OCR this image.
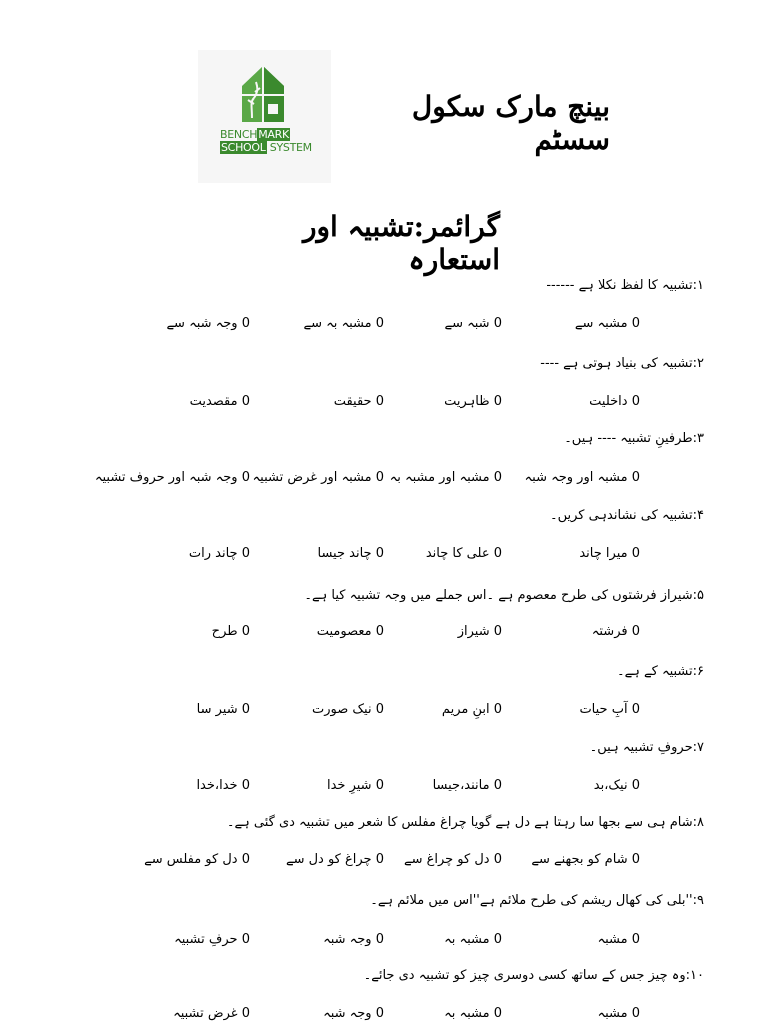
BENCHMARK
SCHOOL SYSTEM
بینچ مارک سکول سسٹم
گرائمر:تشبیہ اور استعارہ
۱:تشبیہ کا لفظ نکلا ہے ------
0 مشبہ سے
0 شبہ سے
0 مشبہ بہ سے
0 وجہ شبہ سے
۲:تشبیہ کی بنیاد ہوتی ہے ----
0 داخلیت
0 ظاہریت
0 حقیقت
0 مقصدیت
۳:طرفینِ تشبیہ ---- ہیں۔
0 مشبہ اور وجہ شبہ
0 مشبہ اور مشبہ بہ
0 مشبہ اور غرض تشبیہ
0 وجہ شبہ اور حروف تشبیہ
۴:تشبیہ کی نشاندہی کریں۔
0 میرا چاند
0 علی کا چاند
0 چاند جیسا
0 چاند رات
۵:شیراز فرشتوں کی طرح معصوم ہے ۔اس جملے میں وجہ تشبیہ کیا ہے۔
0 فرشتہ
0 شیراز
0 معصومیت
0 طرح
۶:تشبیہ کے ہے۔
0 آبِ حیات
0 ابنِ مریم
0 نیک صورت
0 شیر سا
۷:حروفِ تشبیہ ہیں۔
0 نیک،بد
0 مانند،جیسا
0 شیرِ خدا
0 خدا،خدا
۸:شام ہی سے بجھا سا رہتا ہے دل ہے گویا چراغ مفلس کا شعر میں تشبیہ دی گئی ہے۔
0 شام کو بجھنے سے
0 دل کو چراغ سے
0 چراغ کو دل سے
0 دل کو مفلس سے
۹:''بلی کی کھال ریشم کی طرح ملائم ہے''اس میں ملائم ہے۔
0 مشبہ
0 مشبہ بہ
0 وجہ شبہ
0 حرفِ تشبیہ
۱۰:وہ چیز جس کے ساتھ کسی دوسری چیز کو تشبیہ دی جائے۔
0 مشبہ
0 مشبہ بہ
0 وجہ شبہ
0 غرض تشبیہ
